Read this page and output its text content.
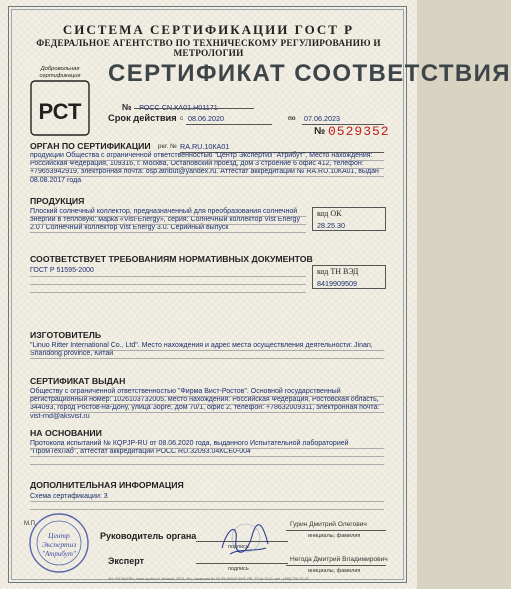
СИСТЕМА СЕРТИФИКАЦИИ ГОСТ Р
ФЕДЕРАЛЬНОЕ АГЕНТСТВО ПО ТЕХНИЧЕСКОМУ РЕГУЛИРОВАНИЮ И МЕТРОЛОГИИ
СЕРТИФИКАТ СООТВЕТСТВИЯ
Добровольная сертификация
РСТ	№ РОСС CN.КА01.Н01171
Срок действия с 08.06.2020	по 07.06.2023
№ 0529352
ОРГАН ПО СЕРТИФИКАЦИИ рег. № RA.RU.10КА01
продукции Общества с ограниченной ответственностью "Центр Экспертиз "Атрибут", Место нахождения: Российская Федерация, 109316, г. Москва, Остаповский проезд, дом 3 строение 6 офис 412, телефон: +79653942919, электронная почта: osp.atribut@yandex.ru. Аттестат аккредитации № RA.RU.10КА01, выдан 08.08.2017 года
ПРОДУКЦИЯ
Плоский солнечный коллектор, предназначенный для преобразования солнечной энергии в тепловую: марка «Vist-Energy», серия: Солнечный коллектор Vist Energy 2.0 / Солнечный коллектор Vist Energy 3.0. Серийный выпуск
код ОК
28.25.30
СООТВЕТСТВУЕТ ТРЕБОВАНИЯМ НОРМАТИВНЫХ ДОКУМЕНТОВ
ГОСТ Р 51595-2000	код ТН ВЭД
8419909509
ИЗГОТОВИТЕЛЬ
"Linuo Ritter International Co., Ltd". Место нахождения и адрес места осуществления деятельности: Jinan, Shandong province, Китай
СЕРТИФИКАТ ВЫДАН
Обществу с ограниченной ответственностью "Фирма Вист-Ростов". Основной государственный регистрационный номер: 1026103732005, место нахождения: Российская Федерация, Ростовская область, 344093, город Ростов-на-Дону, улица Зорге, дом 70/1, офис 2, телефон: +78632009311, электронная почта: vist-rnd@aksvist.ru
НА ОСНОВАНИИ
Протокола испытаний № КQPJP-RU от 08.06.2020 года, выданного Испытательной лабораторией "ПромТехЛаб", аттестат аккредитации РОСС RU.32093.04КСЕ0-004
ДОПОЛНИТЕЛЬНАЯ ИНФОРМАЦИЯ
Схема сертификации: 3
Центр
Экспертиз
"Атрибут"
М.П.
Руководитель органа
подпись
Гурин Дмитрий Олегович
инициалы, фамилия
Эксперт
подпись
Негода Дмитрий Владимирович
инициалы, фамилия
АО «ОПЦИОН», www.opcion.ru, Москва, 2015, «Б», лицензия № 05-05-09/003 ФНС РФ, ТЗ № 1010, тел.: (495) 726-47-42
